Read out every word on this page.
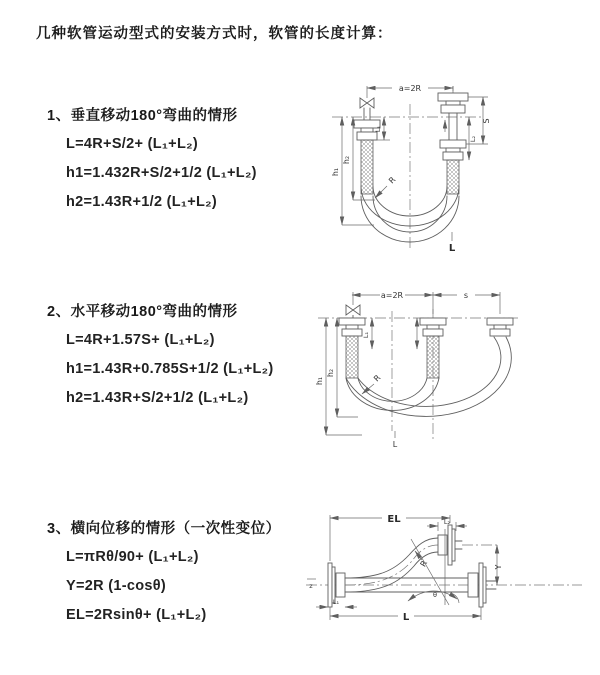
几种软管运动型式的安装方式时，软管的长度计算：
1、垂直移动180°弯曲的情形
L=4R+S/2+ (L₁+L₂)
h1=1.432R+S/2+1/2 (L₁+L₂)
h2=1.43R+1/2 (L₁+L₂)
2、水平移动180°弯曲的情形
L=4R+1.57S+ (L₁+L₂)
h1=1.43R+0.785S+1/2 (L₁+L₂)
h2=1.43R+S/2+1/2 (L₁+L₂)
3、横向位移的情形（一次性变位）
L=πRθ/90+ (L₁+L₂)
Y=2R (1-cosθ)
EL=2Rsinθ+ (L₁+L₂)
a=2R
h₁
h₂
L₁
S
L₂
R
L
a=2R	s
h₁
h₂
L₁
R
L
z
EL	L₂
Y
L
L₁
R
θ
